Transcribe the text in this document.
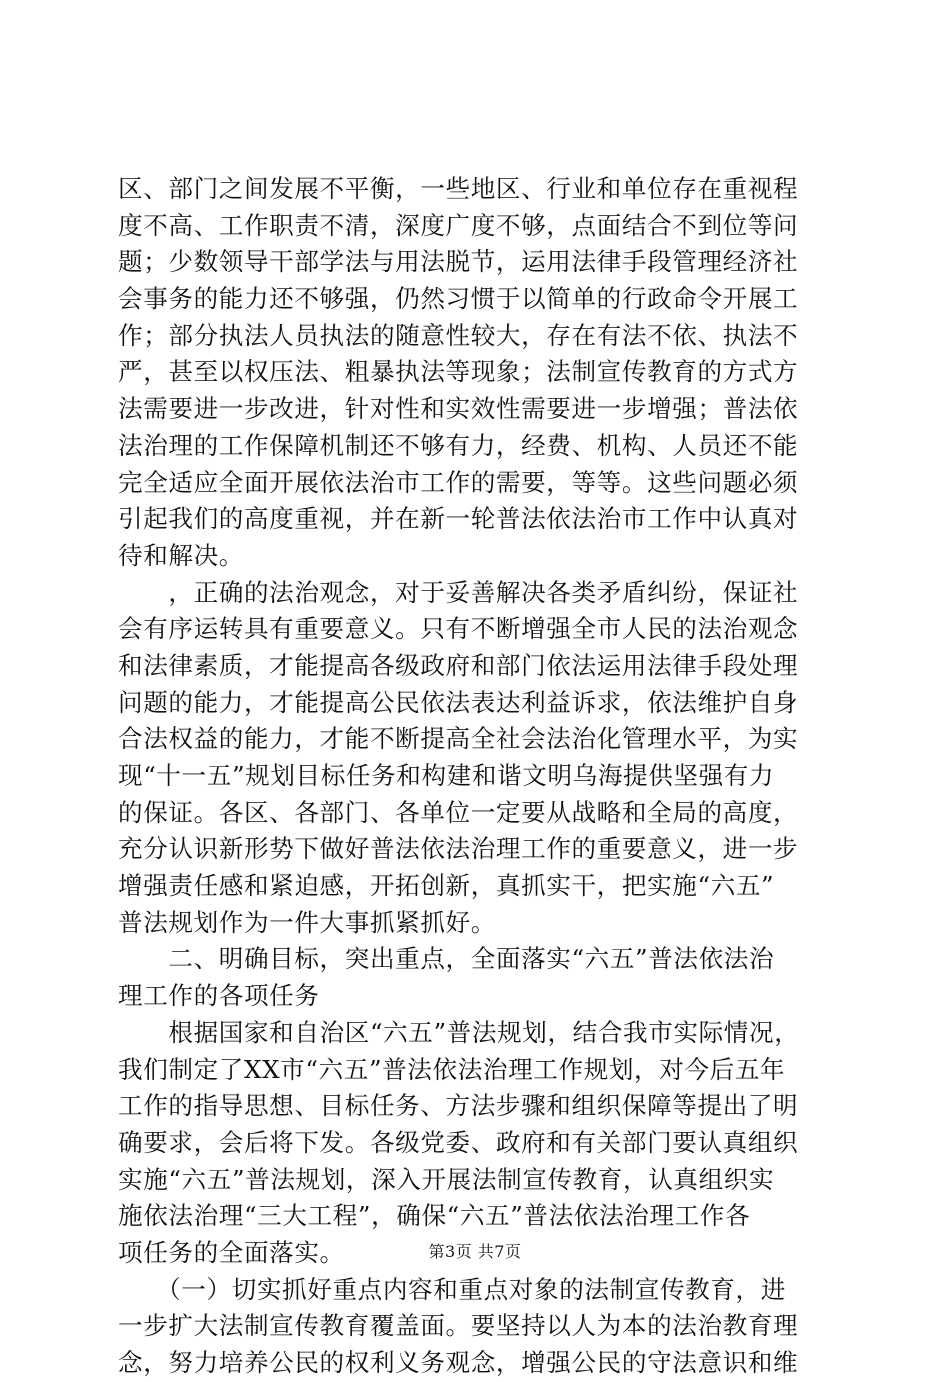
区、部门之间发展不平衡，一些地区、行业和单位存在重视程
度不高、工作职责不清，深度广度不够，点面结合不到位等问
题；少数领导干部学法与用法脱节，运用法律手段管理经济社
会事务的能力还不够强，仍然习惯于以简单的行政命令开展工
作；部分执法人员执法的随意性较大，存在有法不依、执法不
严，甚至以权压法、粗暴执法等现象；法制宣传教育的方式方
法需要进一步改进，针对性和实效性需要进一步增强；普法依
法治理的工作保障机制还不够有力，经费、机构、人员还不能
完全适应全面开展依法治市工作的需要，等等。这些问题必须
引起我们的高度重视，并在新一轮普法依法治市工作中认真对
待和解决。
　　，正确的法治观念，对于妥善解决各类矛盾纠纷，保证社
会有序运转具有重要意义。只有不断增强全市人民的法治观念
和法律素质，才能提高各级政府和部门依法运用法律手段处理
问题的能力，才能提高公民依法表达利益诉求，依法维护自身
合法权益的能力，才能不断提高全社会法治化管理水平，为实
现“十一五”规划目标任务和构建和谐文明乌海提供坚强有力
的保证。各区、各部门、各单位一定要从战略和全局的高度，
充分认识新形势下做好普法依法治理工作的重要意义，进一步
增强责任感和紧迫感，开拓创新，真抓实干，把实施“六五”
普法规划作为一件大事抓紧抓好。
　　二、明确目标，突出重点，全面落实“六五”普法依法治
理工作的各项任务
　　根据国家和自治区“六五”普法规划，结合我市实际情况，
我们制定了XX市“六五”普法依法治理工作规划，对今后五年
工作的指导思想、目标任务、方法步骤和组织保障等提出了明
确要求，会后将下发。各级党委、政府和有关部门要认真组织
实施“六五”普法规划，深入开展法制宣传教育，认真组织实
施依法治理“三大工程”，确保“六五”普法依法治理工作各
项任务的全面落实。
　　（一）切实抓好重点内容和重点对象的法制宣传教育，进
一步扩大法制宣传教育覆盖面。要坚持以人为本的法治教育理
念，努力培养公民的权利义务观念，增强公民的守法意识和维
第3页 共7页
